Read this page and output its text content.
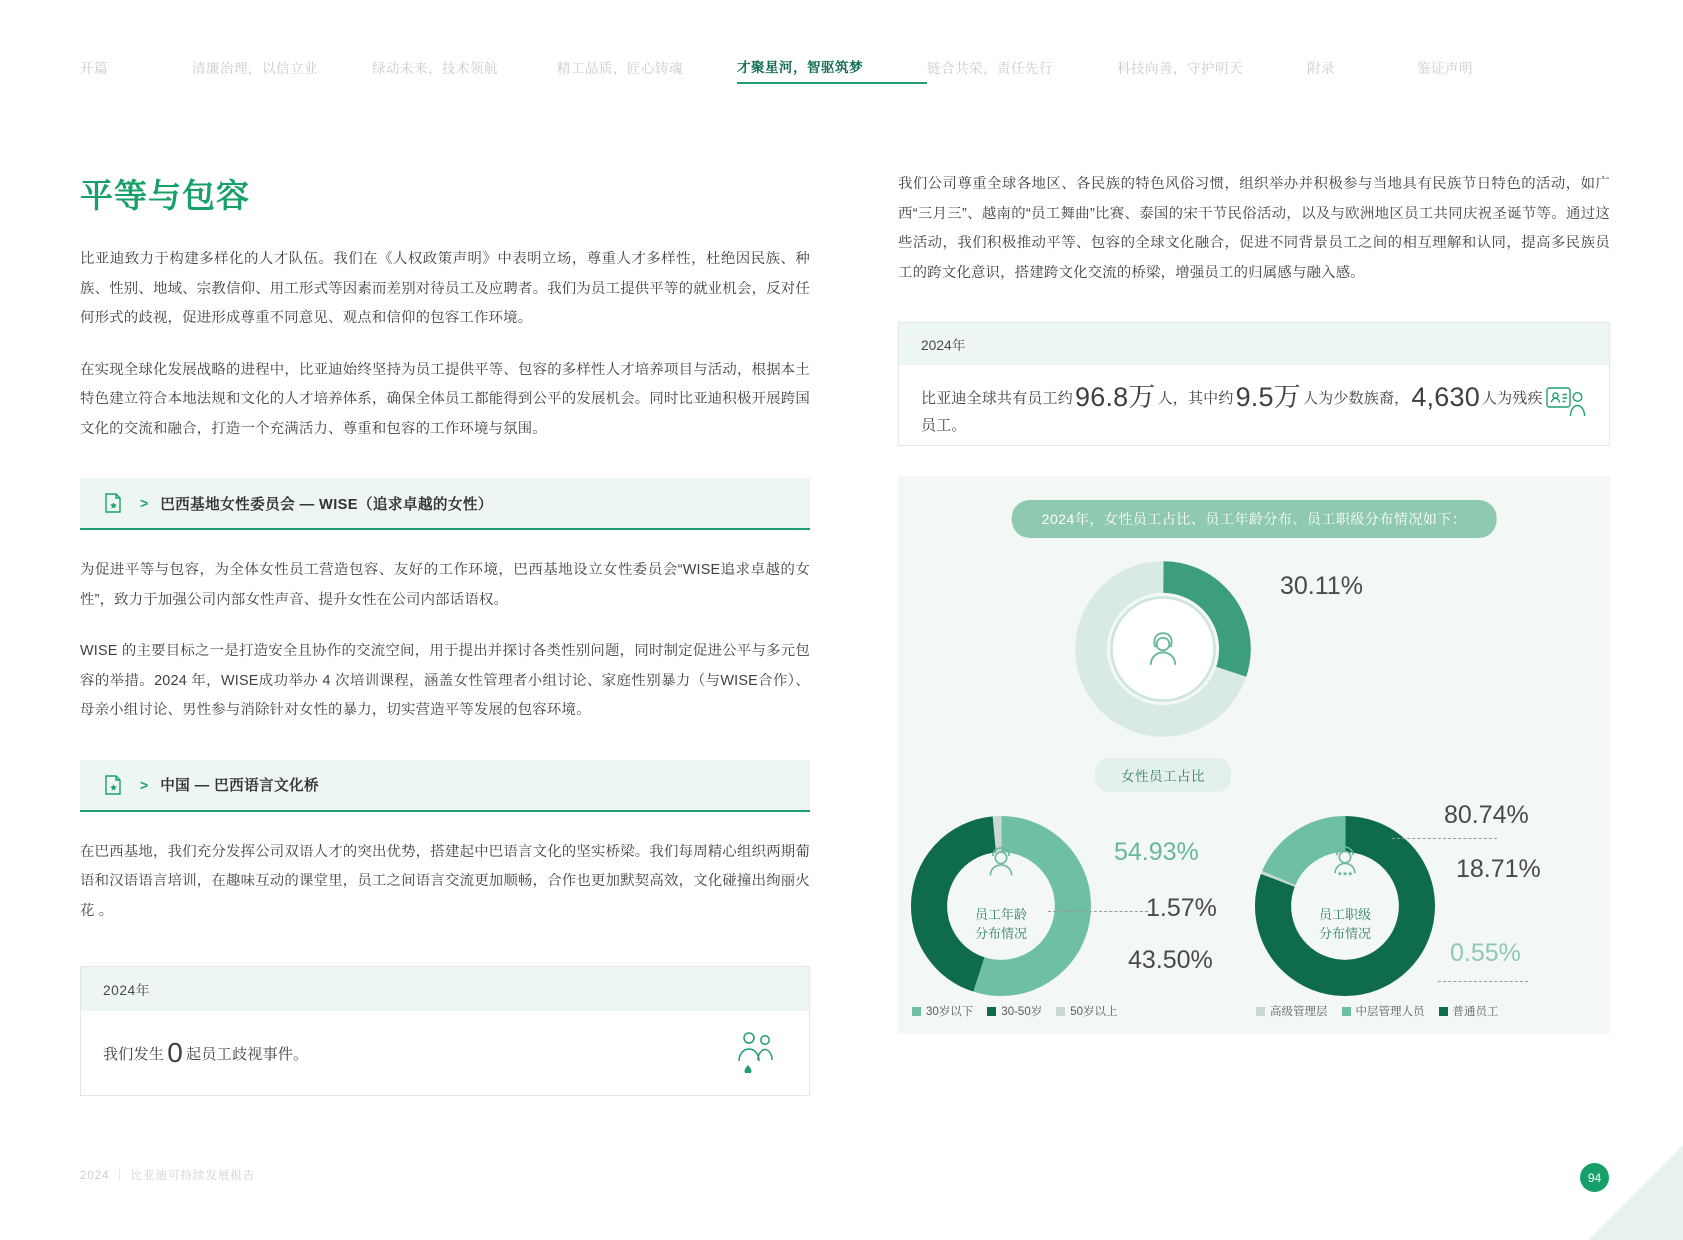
开篇	清廉治理，以信立业	绿动未来，技术领航	精工品质，匠心铸魂	才聚星河，智驱筑梦	链合共荣，责任先行	科技向善，守护明天	附录	鉴证声明
平等与包容

比亚迪致力于构建多样化的人才队伍。我们在《人权政策声明》中表明立场，尊重人才多样性，杜绝因民族、种族、性别、地域、宗教信仰、用工形式等因素而差别对待员工及应聘者。我们为员工提供平等的就业机会，反对任何形式的歧视，促进形成尊重不同意见、观点和信仰的包容工作环境。

在实现全球化发展战略的进程中，比亚迪始终坚持为员工提供平等、包容的多样性人才培养项目与活动，根据本土特色建立符合本地法规和文化的人才培养体系，确保全体员工都能得到公平的发展机会。同时比亚迪积极开展跨国文化的交流和融合，打造一个充满活力、尊重和包容的工作环境与氛围。

> 巴西基地女性委员会 — WISE（追求卓越的女性）

为促进平等与包容，为全体女性员工营造包容、友好的工作环境，巴西基地设立女性委员会“WISE追求卓越的女性”，致力于加强公司内部女性声音、提升女性在公司内部话语权。

WISE 的主要目标之一是打造安全且协作的交流空间，用于提出并探讨各类性别问题，同时制定促进公平与多元包容的举措。2024 年，WISE成功举办 4 次培训课程，涵盖女性管理者小组讨论、家庭性别暴力（与WISE合作）、母亲小组讨论、男性参与消除针对女性的暴力，切实营造平等发展的包容环境。

> 中国 — 巴西语言文化桥

在巴西基地，我们充分发挥公司双语人才的突出优势，搭建起中巴语言文化的坚实桥梁。我们每周精心组织两期葡语和汉语语言培训，在趣味互动的课堂里，员工之间语言交流更加顺畅，合作也更加默契高效，文化碰撞出绚丽火花 。

2024年
我们发生 0 起员工歧视事件。

我们公司尊重全球各地区、各民族的特色风俗习惯，组织举办并积极参与当地具有民族节日特色的活动，如广西“三月三”、越南的“员工舞曲”比赛、泰国的宋干节民俗活动，以及与欧洲地区员工共同庆祝圣诞节等。通过这些活动，我们积极推动平等、包容的全球文化融合，促进不同背景员工之间的相互理解和认同，提高多民族员工的跨文化意识，搭建跨文化交流的桥梁，增强员工的归属感与融入感。

2024年
比亚迪全球共有员工约96.8万 人，其中约9.5万 人为少数族裔，4,630 人为残疾员工。
2024年，女性员工占比、员工年龄分布、员工职级分布情况如下：
30.11%
女性员工占比
员工年龄
分布情况
54.93%
1.57%
43.50%
30岁以下 30-50岁 50岁以上
员工职级
分布情况
80.74%
18.71%
0.55%
高级管理层 中层管理人员 普通员工
2024 ｜ 比亚迪可持续发展报告	94
